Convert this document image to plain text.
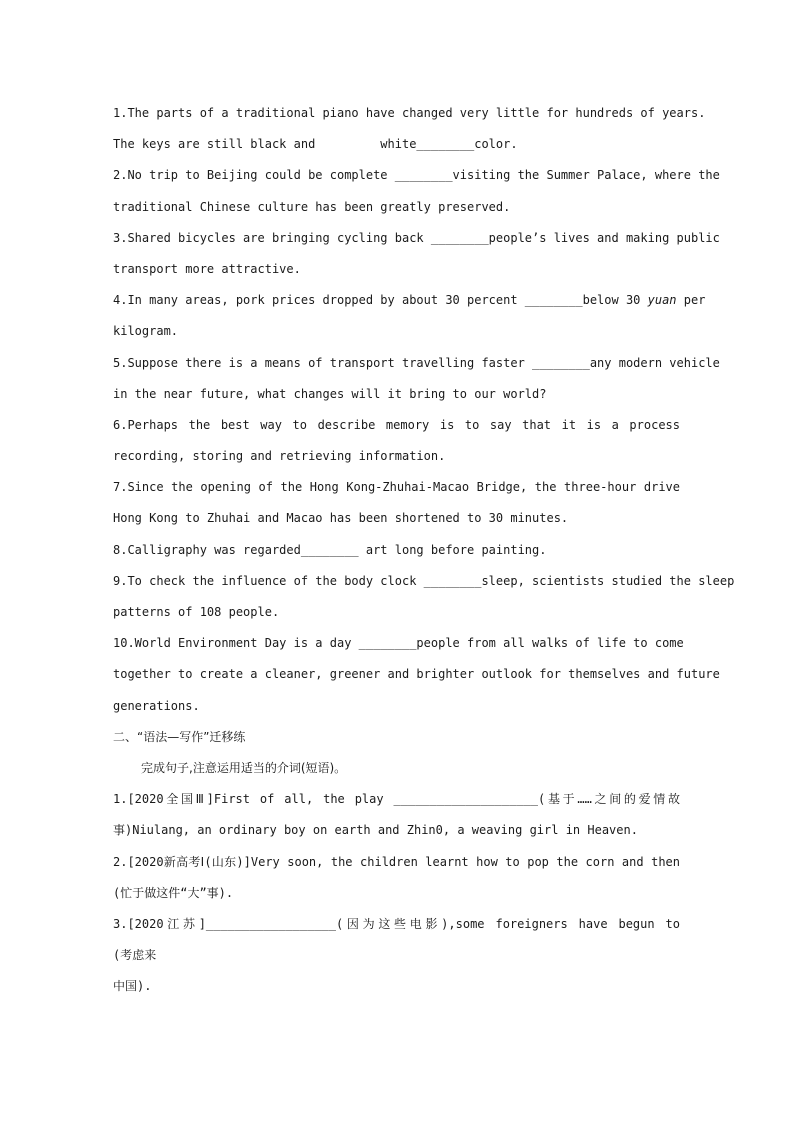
1.The parts of a traditional piano have changed very little for hundreds of years.
The keys are still black and         white________color.
2.No trip to Beijing could be complete ________visiting the Summer Palace, where the
traditional Chinese culture has been greatly preserved.
3.Shared bicycles are bringing cycling back ________people’s lives and making public
transport more attractive.
4.In many areas, pork prices dropped by about 30 percent ________below 30 yuan per
kilogram.
5.Suppose there is a means of transport travelling faster ________any modern vehicle
in the near future, what changes will it bring to our world?
6.Perhaps the best way to describe memory is to say that it is a process
recording, storing and retrieving information.
7.Since the opening of the Hong Kong-Zhuhai-Macao Bridge, the three-hour drive
Hong Kong to Zhuhai and Macao has been shortened to 30 minutes.
8.Calligraphy was regarded________ art long before painting.
9.To check the influence of the body clock ________sleep, scientists studied the sleep
patterns of 108 people.
10.World Environment Day is a day ________people from all walks of life to come
together to create a cleaner, greener and brighter outlook for themselves and future
generations.
二、“语法—写作”迁移练
完成句子,注意运用适当的介词(短语)。
1.[2020全国Ⅲ]First of all, the play ____________________(基于……之间的爱情故
事)Niulang, an ordinary boy on earth and Zhin0, a weaving girl in Heaven.
2.[2020新高考Ⅰ(山东)]Very soon, the children learnt how to pop the corn and then
(忙于做这件“大”事).
3.[2020江苏]__________________(因为这些电影),some foreigners have begun to
(考虑来
中国).
